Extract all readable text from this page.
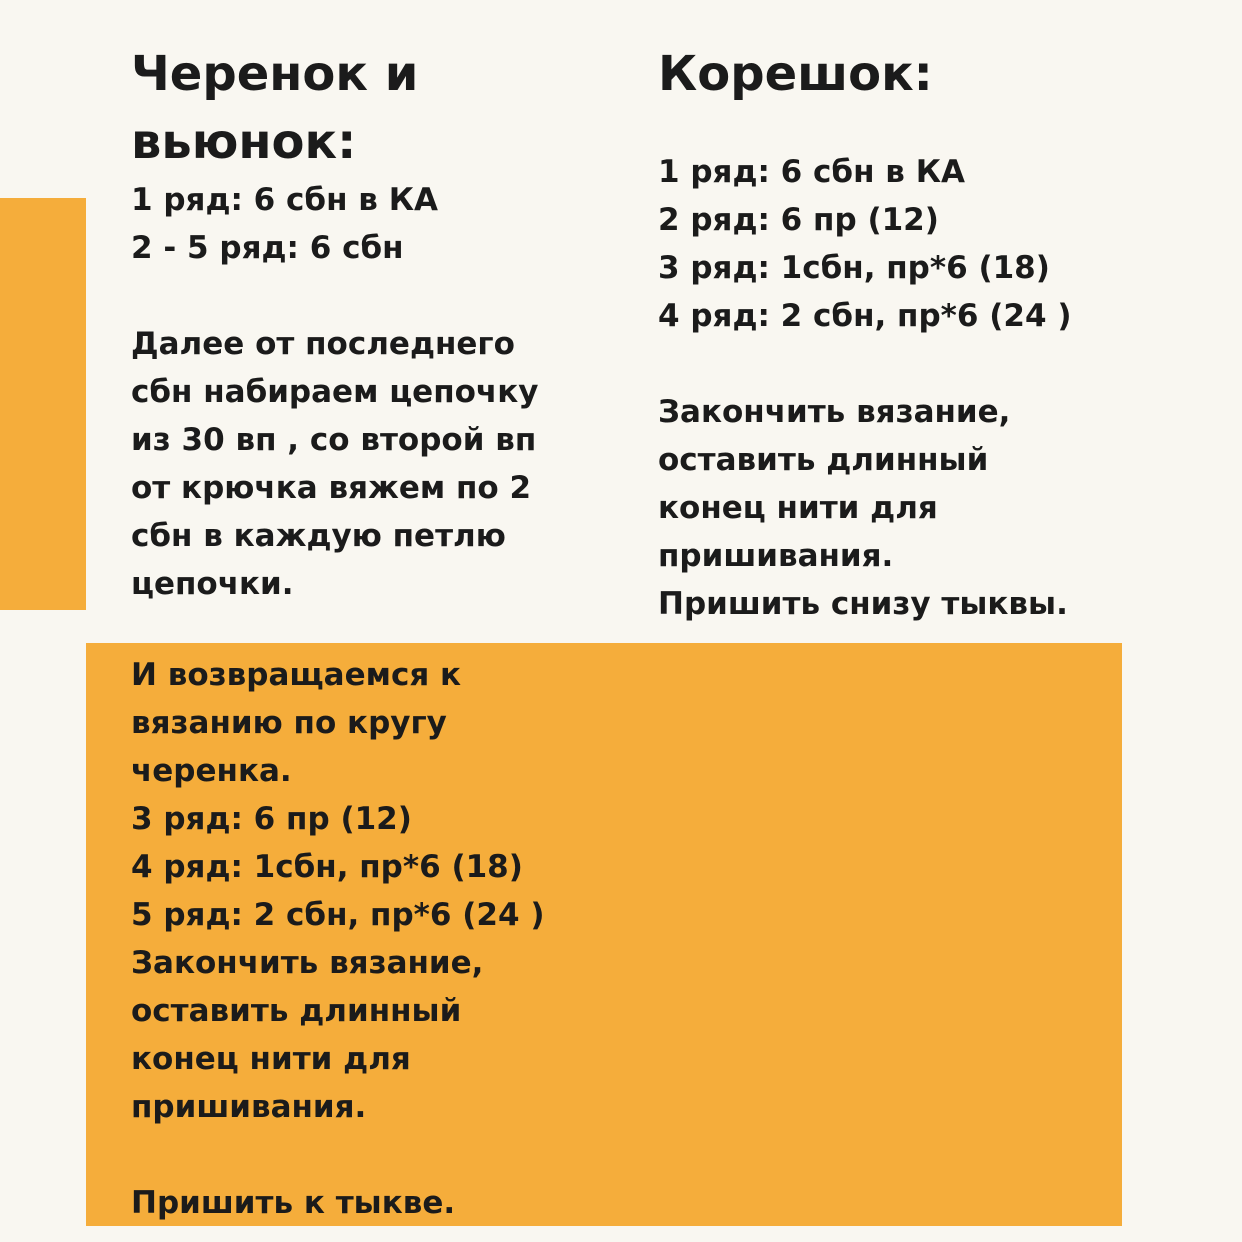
Черенок и

вьюнок:

1 ряд: 6 сбн в КА

2 - 5 ряд: 6 сбн

Далее от последнего

сбн набираем цепочку

из 30 вп , со второй вп

от крючка вяжем по 2

сбн в каждую петлю

цепочки.

И возвращаемся к

вязанию по кругу

черенка.

3 ряд: 6 пр (12)

4 ряд: 1сбн, пр*6 (18)

5 ряд: 2 сбн, пр*6 (24 )

Закончить вязание,

оставить длинный

конец нити для

пришивания.

Пришить к тыкве.

Корешок:

1 ряд: 6 сбн в КА

2 ряд: 6 пр (12)

3 ряд: 1сбн, пр*6 (18)

4 ряд: 2 сбн, пр*6 (24 )

Закончить вязание,

оставить длинный

конец нити для

пришивания.

Пришить снизу тыквы.
